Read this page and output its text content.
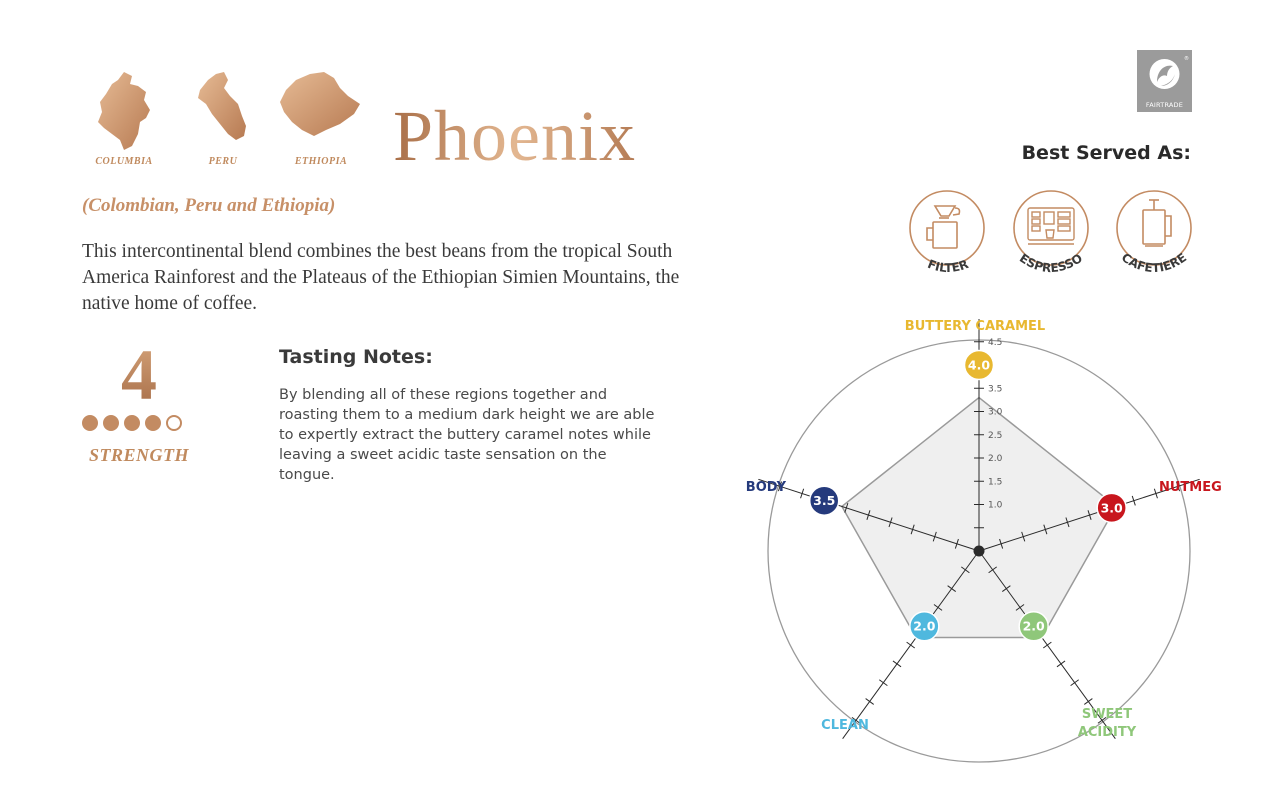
COLUMBIA	PERU	ETHIOPIA Phoenix
(Colombian, Peru and Ethiopia)
This intercontinental blend combines the best beans from the tropical South America Rainforest and the Plateaus of the Ethiopian Simien Mountains, the native home of coffee.
4
STRENGTH
Tasting Notes:
By blending all of these regions together and roasting them to a medium dark height we are able to expertly extract the buttery caramel notes while leaving a sweet acidic taste sensation on the tongue.
®
FAIRTRADE
Best Served As:
FILTER	ESPRESSO	CAFETIERE
1.0
1.5
2.0
2.5
3.0
3.5
4.5
4.0
3.0
2.0
2.0
3.5
BUTTERY CARAMEL
NUTMEG
SWEET
ACIDITY
CLEAN
BODY
